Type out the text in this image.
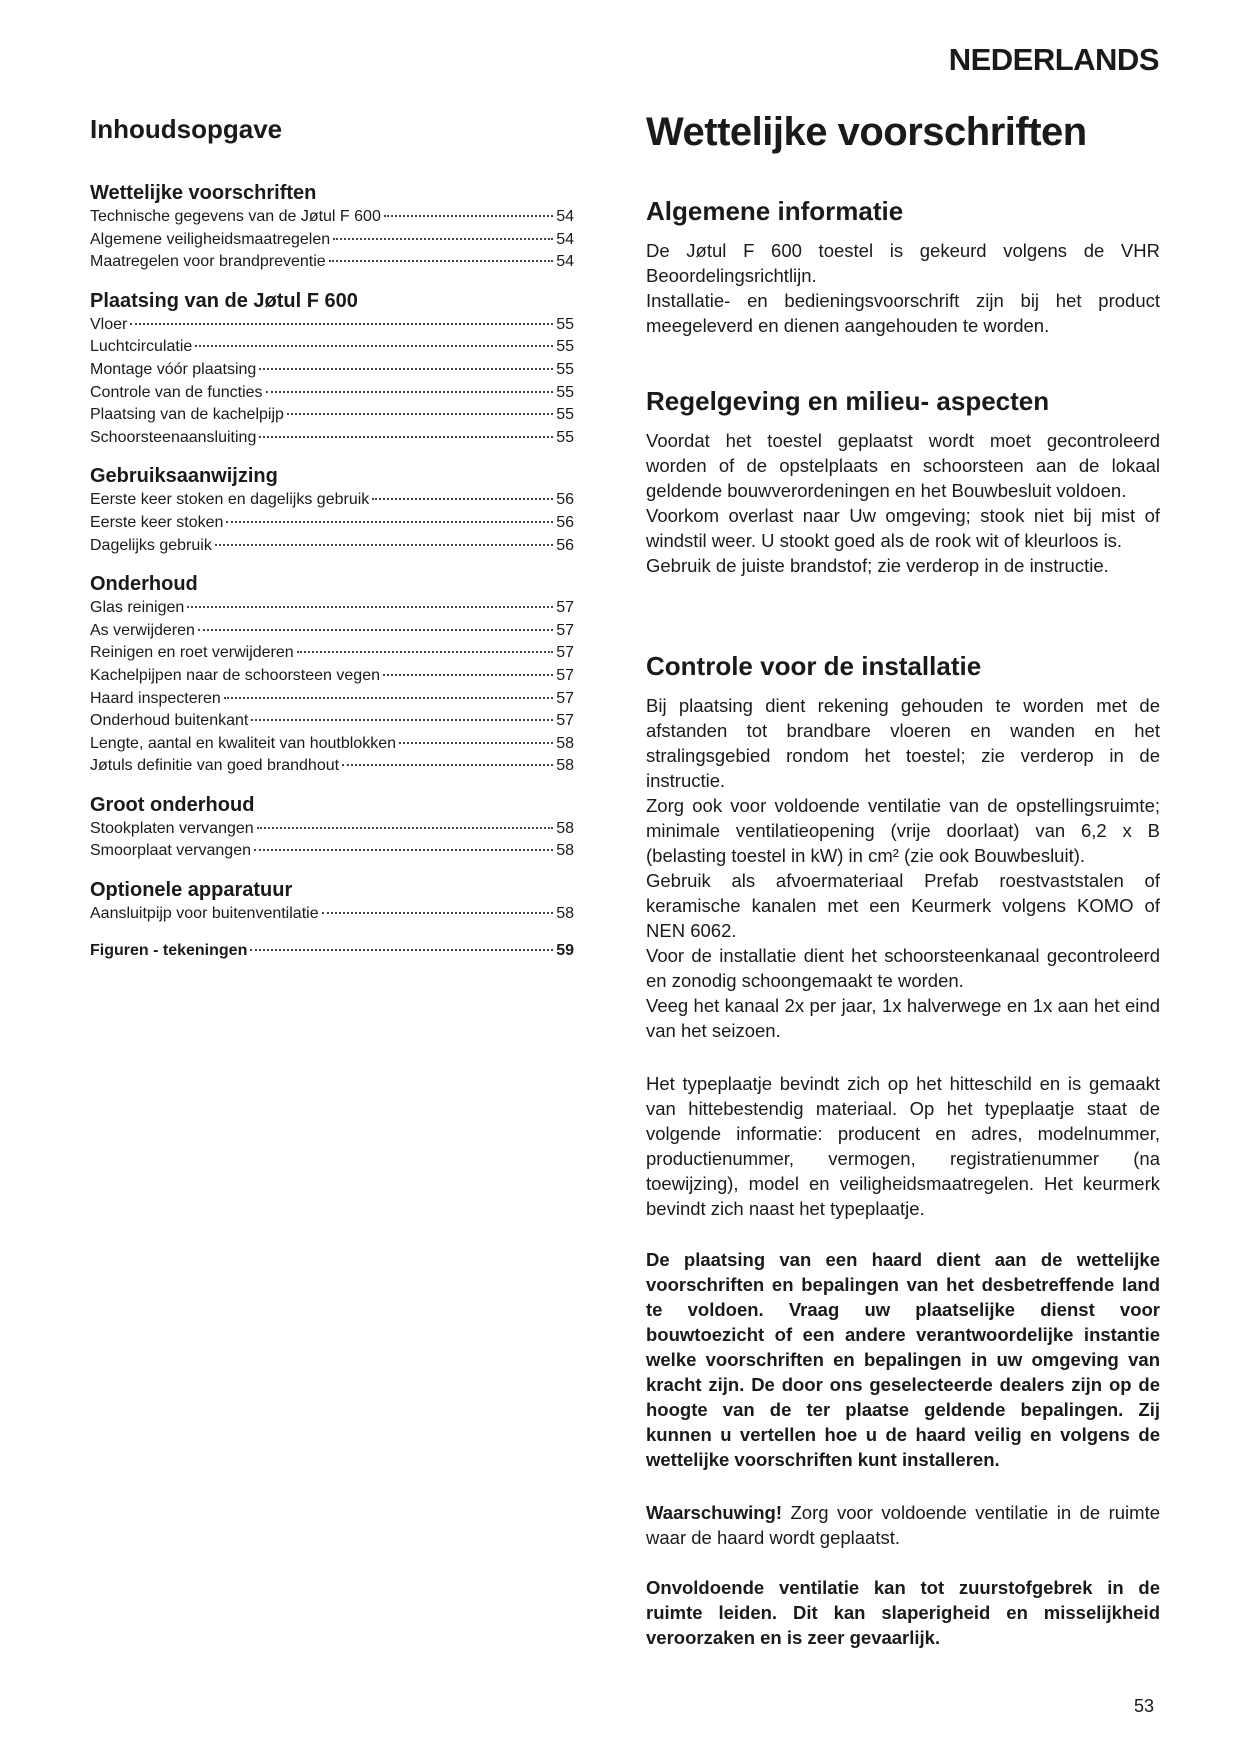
NEDERLANDS
Inhoudsopgave	Wettelijke voorschriften
Wettelijke voorschriften
Technische gegevens van de Jøtul F 600	54
Algemene veiligheidsmaatregelen	54
Maatregelen voor brandpreventie	54
Plaatsing van de Jøtul F 600
Vloer	55
Luchtcirculatie	55
Montage vóór plaatsing	55
Controle van de functies	55
Plaatsing van de kachelpijp	55
Schoorsteenaansluiting	55
Gebruiksaanwijzing
Eerste keer stoken en dagelijks gebruik	56
Eerste keer stoken	56
Dagelijks gebruik	56
Onderhoud
Glas reinigen	57
As verwijderen	57
Reinigen en roet verwijderen	57
Kachelpijpen naar de schoorsteen vegen	57
Haard inspecteren	57
Onderhoud buitenkant	57
Lengte, aantal en kwaliteit van houtblokken	58
Jøtuls definitie van goed brandhout	58
Groot onderhoud
Stookplaten vervangen	58
Smoorplaat vervangen	58
Optionele apparatuur
Aansluitpijp voor buitenventilatie	58
Figuren - tekeningen	59
Algemene informatie

De Jøtul F 600 toestel is gekeurd volgens de VHR Beoordelingsrichtlijn.

Installatie- en bedieningsvoorschrift zijn bij het product meegeleverd en dienen aangehouden te worden.

Regelgeving en milieu- aspecten

Voordat het toestel geplaatst wordt moet gecontroleerd worden of de opstelplaats en schoorsteen aan de lokaal geldende bouwverordeningen en het Bouwbesluit voldoen.

Voorkom overlast naar Uw omgeving; stook niet bij mist of windstil weer. U stookt goed als de rook wit of kleurloos is.

Gebruik de juiste brandstof; zie verderop in de instructie.

Controle voor de installatie

Bij plaatsing dient rekening gehouden te worden met de afstanden tot brandbare vloeren en wanden en het stralingsgebied rondom het toestel; zie verderop in de instructie.

Zorg ook voor voldoende ventilatie van de opstellingsruimte; minimale ventilatieopening (vrije doorlaat) van 6,2 x B (belasting toestel in kW) in cm² (zie ook Bouwbesluit).

Gebruik als afvoermateriaal Prefab roestvaststalen of keramische kanalen met een Keurmerk volgens KOMO of NEN 6062.

Voor de installatie dient het schoorsteenkanaal gecontroleerd en zonodig schoongemaakt te worden.

Veeg het kanaal 2x per jaar, 1x halverwege en 1x aan het eind van het seizoen.

Het typeplaatje bevindt zich op het hitteschild en is gemaakt van hittebestendig materiaal. Op het typeplaatje staat de volgende informatie: producent en adres, modelnummer, productienummer, vermogen, registratienummer (na toewijzing), model en veiligheidsmaatregelen. Het keurmerk bevindt zich naast het typeplaatje.
De plaatsing van een haard dient aan de wettelijke voorschriften en bepalingen van het desbetreffende land te voldoen. Vraag uw plaatselijke dienst voor bouwtoezicht of een andere verantwoordelijke instantie welke voorschriften en bepalingen in uw omgeving van kracht zijn. De door ons geselecteerde dealers zijn op de hoogte van de ter plaatse geldende bepalingen. Zij kunnen u vertellen hoe u de haard veilig en volgens de wettelijke voorschriften kunt installeren.
Waarschuwing! Zorg voor voldoende ventilatie in de ruimte waar de haard wordt geplaatst.
Onvoldoende ventilatie kan tot zuurstofgebrek in de ruimte leiden. Dit kan slaperigheid en misselijkheid veroorzaken en is zeer gevaarlijk.
53
